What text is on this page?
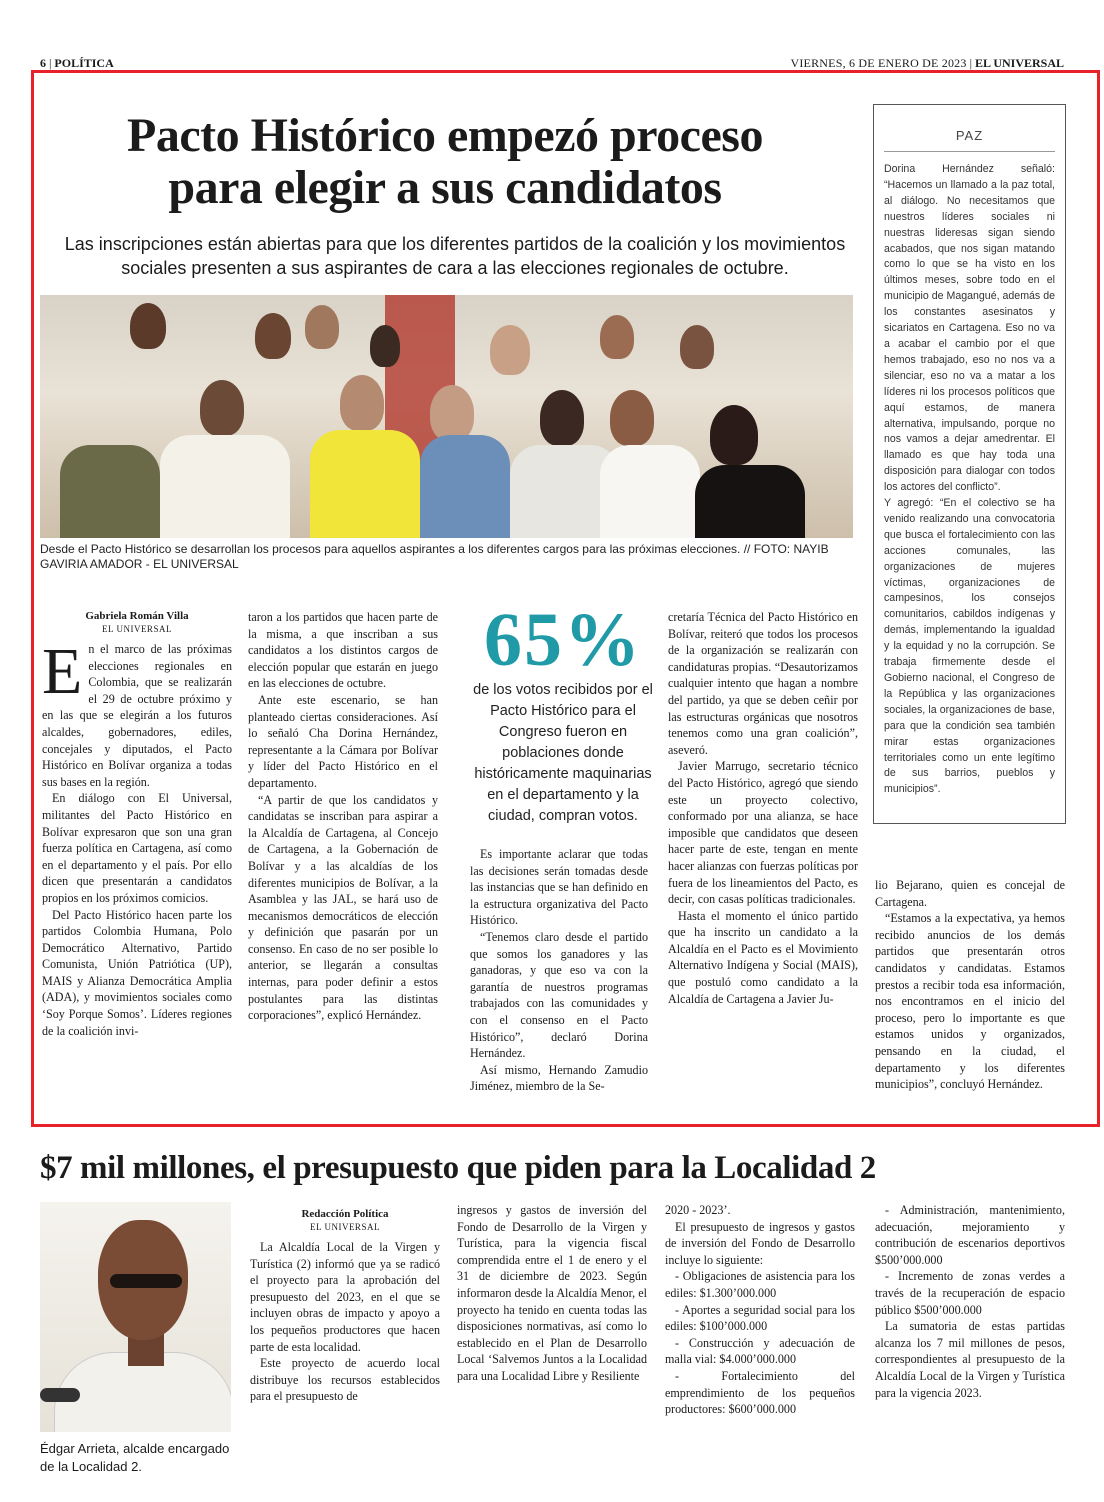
6 | POLÍTICA	VIERNES, 6 DE ENERO DE 2023 | EL UNIVERSAL
Pacto Histórico empezó proceso
para elegir a sus candidatos
Las inscripciones están abiertas para que los diferentes partidos de la coalición y los movimientos sociales presenten a sus aspirantes de cara a las elecciones regionales de octubre.
Desde el Pacto Histórico se desarrollan los procesos para aquellos aspirantes a los diferentes cargos para las próximas elecciones. // FOTO: NAYIB GAVIRIA AMADOR - EL UNIVERSAL
PAZ

Dorina Hernández señaló: “Hacemos un llamado a la paz total, al diálogo. No necesitamos que nuestros líderes sociales ni nuestras lideresas sigan siendo acabados, que nos sigan matando como lo que se ha visto en los últimos meses, sobre todo en el municipio de Magangué, además de los constantes asesinatos y sicariatos en Cartagena. Eso no va a acabar el cambio por el que hemos trabajado, eso no nos va a silenciar, eso no va a matar a los líderes ni los procesos políticos que aquí estamos, de manera alternativa, impulsando, porque no nos vamos a dejar amedrentar. El llamado es que hay toda una disposición para dialogar con todos los actores del conflicto”.

Y agregó: “En el colectivo se ha venido realizando una convocatoria que busca el fortalecimiento con las acciones comunales, las organizaciones de mujeres víctimas, organizaciones de campesinos, los consejos comunitarios, cabildos indígenas y demás, implementando la igualdad y la equidad y no la corrupción. Se trabaja firmemente desde el Gobierno nacional, el Congreso de la República y las organizaciones sociales, la organizaciones de base, para que la condición sea también mirar estas organizaciones territoriales como un ente legítimo de sus barrios, pueblos y municipios”.

Gabriela Román Villa
EL UNIVERSAL

En el marco de las próximas elecciones regionales en Colombia, que se realizarán el 29 de octubre próximo y en las que se elegirán a los futuros alcaldes, gobernadores, ediles, concejales y diputados, el Pacto Histórico en Bolívar organiza a todas sus bases en la región.

En diálogo con El Universal, militantes del Pacto Histórico en Bolívar expresaron que son una gran fuerza política en Cartagena, así como en el departamento y el país. Por ello dicen que presentarán a candidatos propios en los próximos comicios.

Del Pacto Histórico hacen parte los partidos Colombia Humana, Polo Democrático Alternativo, Partido Comunista, Unión Patriótica (UP), MAIS y Alianza Democrática Amplia (ADA), y movimientos sociales como ‘Soy Porque Somos’. Líderes regiones de la coalición invi-

taron a los partidos que hacen parte de la misma, a que inscriban a sus candidatos a los distintos cargos de elección popular que estarán en juego en las elecciones de octubre.

Ante este escenario, se han planteado ciertas consideraciones. Así lo señaló Cha Dorina Hernández, representante a la Cámara por Bolívar y líder del Pacto Histórico en el departamento.

“A partir de que los candidatos y candidatas se inscriban para aspirar a la Alcaldía de Cartagena, al Concejo de Cartagena, a la Gobernación de Bolívar y a las alcaldías de los diferentes municipios de Bolívar, a la Asamblea y las JAL, se hará uso de mecanismos democráticos de elección y definición que pasarán por un consenso. En caso de no ser posible lo anterior, se llegarán a consultas internas, para poder definir a estos postulantes para las distintas corporaciones”, explicó Hernández.

65%
de los votos recibidos por el Pacto Histórico para el Congreso fueron en poblaciones donde históricamente maquinarias en el departamento y la ciudad, compran votos.

Es importante aclarar que todas las decisiones serán tomadas desde las instancias que se han definido en la estructura organizativa del Pacto Histórico.

“Tenemos claro desde el partido que somos los ganadores y las ganadoras, y que eso va con la garantía de nuestros programas trabajados con las comunidades y con el consenso en el Pacto Histórico”, declaró Dorina Hernández.

Así mismo, Hernando Zamudio Jiménez, miembro de la Se-

cretaría Técnica del Pacto Histórico en Bolívar, reiteró que todos los procesos de la organización se realizarán con candidaturas propias. “Desautorizamos cualquier intento que hagan a nombre del partido, ya que se deben ceñir por las estructuras orgánicas que nosotros tenemos como una gran coalición”, aseveró.

Javier Marrugo, secretario técnico del Pacto Histórico, agregó que siendo este un proyecto colectivo, conformado por una alianza, se hace imposible que candidatos que deseen hacer parte de este, tengan en mente hacer alianzas con fuerzas políticas por fuera de los lineamientos del Pacto, es decir, con casas políticas tradicionales.

Hasta el momento el único partido que ha inscrito un candidato a la Alcaldía en el Pacto es el Movimiento Alternativo Indígena y Social (MAIS), que postuló como candidato a la Alcaldía de Cartagena a Javier Ju-

lio Bejarano, quien es concejal de Cartagena.

“Estamos a la expectativa, ya hemos recibido anuncios de los demás partidos que presentarán otros candidatos y candidatas. Estamos prestos a recibir toda esa información, nos encontramos en el inicio del proceso, pero lo importante es que estamos unidos y organizados, pensando en la ciudad, el departamento y los diferentes municipios”, concluyó Hernández.

$7 mil millones, el presupuesto que piden para la Localidad 2
Édgar Arrieta, alcalde encargado de la Localidad 2.
Redacción Política
EL UNIVERSAL

La Alcaldía Local de la Virgen y Turística (2) informó que ya se radicó el proyecto para la aprobación del presupuesto del 2023, en el que se incluyen obras de impacto y apoyo a los pequeños productores que hacen parte de esta localidad.

Este proyecto de acuerdo local distribuye los recursos establecidos para el presupuesto de

ingresos y gastos de inversión del Fondo de Desarrollo de la Virgen y Turística, para la vigencia fiscal comprendida entre el 1 de enero y el 31 de diciembre de 2023. Según informaron desde la Alcaldía Menor, el proyecto ha tenido en cuenta todas las disposiciones normativas, así como lo establecido en el Plan de Desarrollo Local ‘Salvemos Juntos a la Localidad para una Localidad Libre y Resiliente

2020 - 2023’.

El presupuesto de ingresos y gastos de inversión del Fondo de Desarrollo incluye lo siguiente:

- Obligaciones de asistencia para los ediles: $1.300’000.000

- Aportes a seguridad social para los ediles: $100’000.000

- Construcción y adecuación de malla vial: $4.000’000.000

- Fortalecimiento del emprendimiento de los pequeños productores: $600’000.000

- Administración, mantenimiento, adecuación, mejoramiento y contribución de escenarios deportivos $500’000.000

- Incremento de zonas verdes a través de la recuperación de espacio público $500’000.000

La sumatoria de estas partidas alcanza los 7 mil millones de pesos, correspondientes al presupuesto de la Alcaldía Local de la Virgen y Turística para la vigencia 2023.
